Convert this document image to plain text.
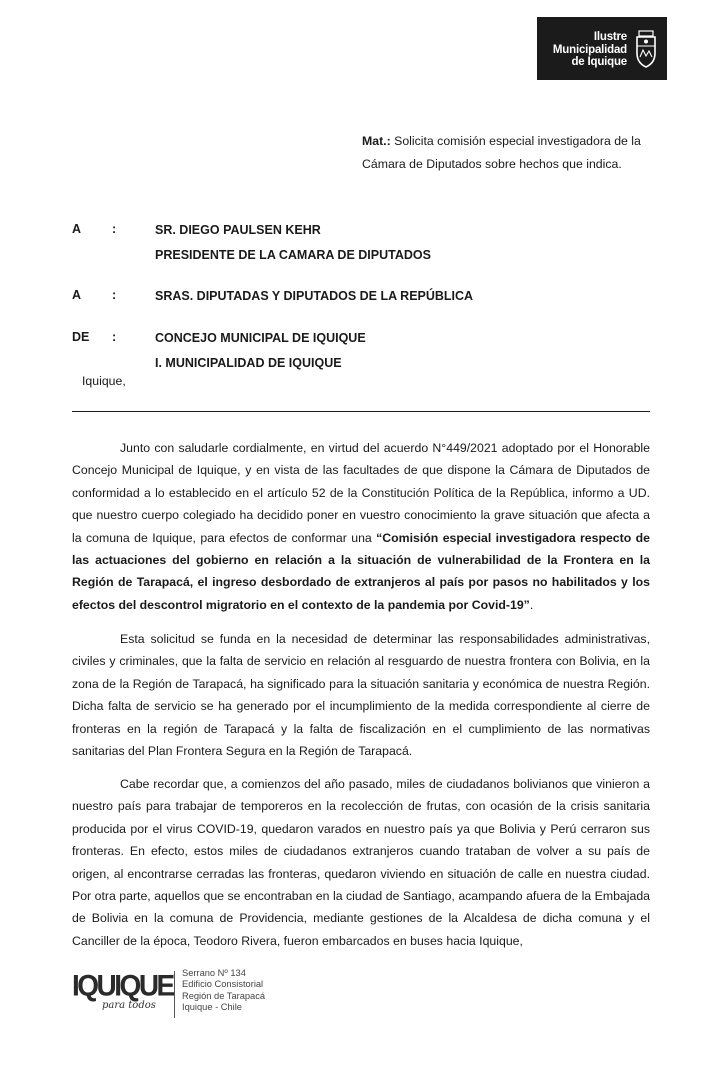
Ilustre
Municipalidad
de Iquique
Mat.: Solicita comisión especial investigadora de la Cámara de Diputados sobre hechos que indica.
A :	SR. DIEGO PAULSEN KEHR
PRESIDENTE DE LA CAMARA DE DIPUTADOS
A :	SRAS. DIPUTADAS Y DIPUTADOS DE LA REPÚBLICA
DE :	CONCEJO MUNICIPAL DE IQUIQUE
I. MUNICIPALIDAD DE IQUIQUE
Iquique,

Junto con saludarle cordialmente, en virtud del acuerdo N°449/2021 adoptado por el Honorable Concejo Municipal de Iquique, y en vista de las facultades de que dispone la Cámara de Diputados de conformidad a lo establecido en el artículo 52 de la Constitución Política de la República, informo a UD. que nuestro cuerpo colegiado ha decidido poner en vuestro conocimiento la grave situación que afecta a la comuna de Iquique, para efectos de conformar una “Comisión especial investigadora respecto de las actuaciones del gobierno en relación a la situación de vulnerabilidad de la Frontera en la Región de Tarapacá, el ingreso desbordado de extranjeros al país por pasos no habilitados y los efectos del descontrol migratorio en el contexto de la pandemia por Covid-19”.

Esta solicitud se funda en la necesidad de determinar las responsabilidades administrativas, civiles y criminales, que la falta de servicio en relación al resguardo de nuestra frontera con Bolivia, en la zona de la Región de Tarapacá, ha significado para la situación sanitaria y económica de nuestra Región. Dicha falta de servicio se ha generado por el incumplimiento de la medida correspondiente al cierre de fronteras en la región de Tarapacá y la falta de fiscalización en el cumplimiento de las normativas sanitarias del Plan Frontera Segura en la Región de Tarapacá.

Cabe recordar que, a comienzos del año pasado, miles de ciudadanos bolivianos que vinieron a nuestro país para trabajar de temporeros en la recolección de frutas, con ocasión de la crisis sanitaria producida por el virus COVID-19, quedaron varados en nuestro país ya que Bolivia y Perú cerraron sus fronteras. En efecto, estos miles de ciudadanos extranjeros cuando trataban de volver a su país de origen, al encontrarse cerradas las fronteras, quedaron viviendo en situación de calle en nuestra ciudad. Por otra parte, aquellos que se encontraban en la ciudad de Santiago, acampando afuera de la Embajada de Bolivia en la comuna de Providencia, mediante gestiones de la Alcaldesa de dicha comuna y el Canciller de la época, Teodoro Rivera, fueron embarcados en buses hacia Iquique,

IQUIQUE
para todos
Serrano Nº 134
Edificio Consistorial
Región de Tarapacá
Iquique - Chile
